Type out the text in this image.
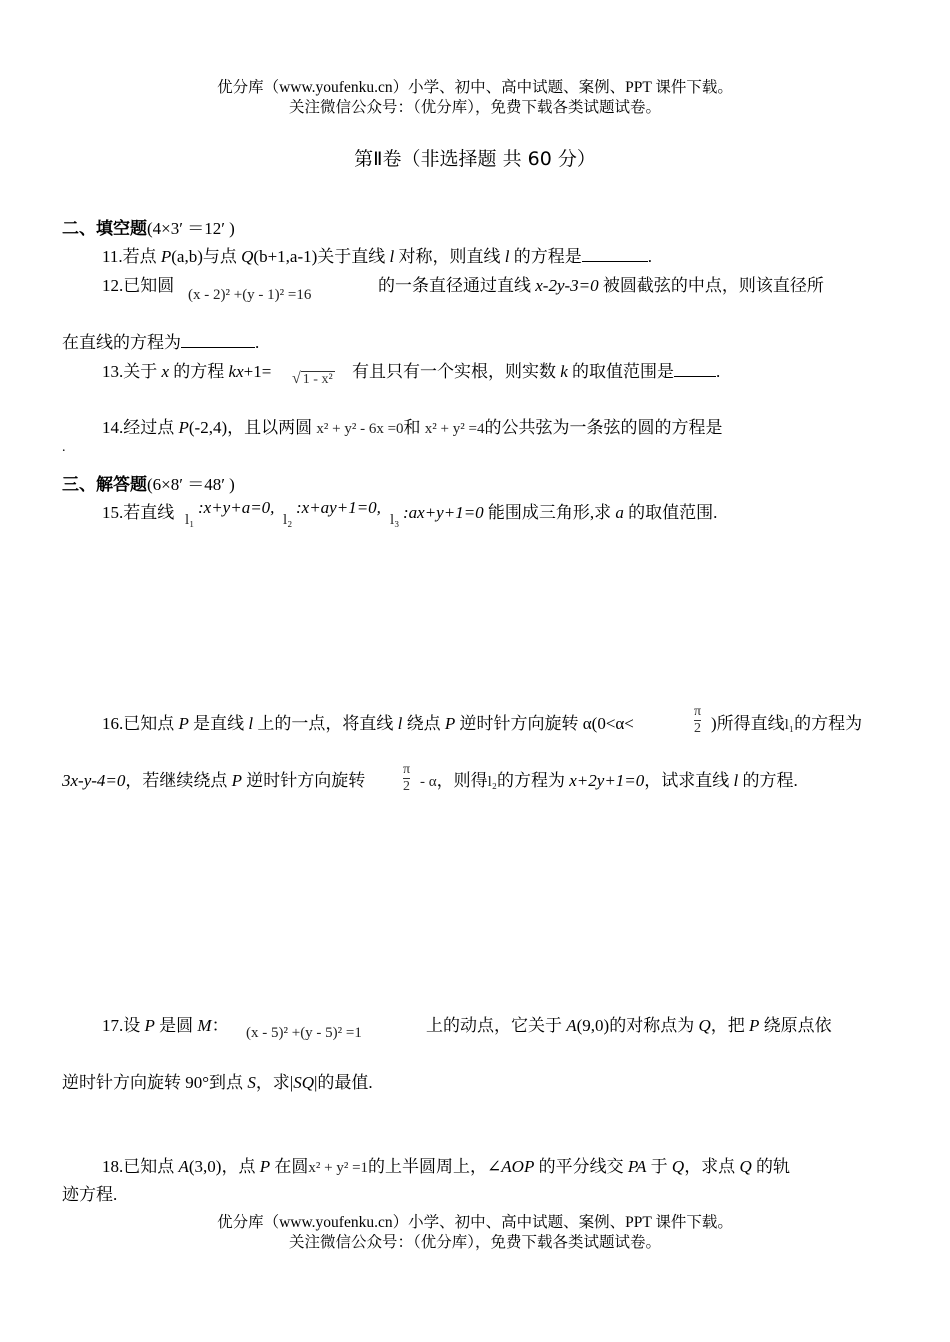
优分库（www.youfenku.cn）小学、初中、高中试题、案例、PPT 课件下载。
关注微信公众号：（优分库），免费下载各类试题试卷。
第Ⅱ卷（非选择题 共 60 分）
二、填空题(4×3′ ＝12′ )
11.若点 P(a,b)与点 Q(b+1,a-1)关于直线 l 对称，则直线 l 的方程是	.
12.已知圆 (x - 2)² +(y - 1)² =16	的一条直径通过直线 x-2y-3=0 被圆截弦的中点，则该直径所
在直线的方程为	.
13.关于 x 的方程 kx+1= √ 1 - x² 有且只有一个实根，则实数 k 的取值范围是 .
14.经过点 P(-2,4)，且以两圆 x² + y² - 6x =0和 x² + y² =4的公共弦为一条弦的圆的方程是
.
三、解答题(6×8′ ＝48′ )
15.若直线 l₁
:x+y+a=0,
l₂
:x+ay+1=0,
l₃ :ax+y+1=0 能围成三角形,求 a 的取值范围.
16.已知点 P 是直线 l 上的一点，将直线 l 绕点 P 逆时针方向旋转 α(0<α<	$\frac{\pi}{2}$ )所得直线l₁的方程为
3x-y-4=0，若继续绕点 P 逆时针方向旋转	$\frac{\pi}{2}$ - α，则得l₂的方程为 x+2y+1=0，试求直线 l 的方程.
17.设 P 是圆 M： (x - 5)² +(y - 5)² =1	上的动点，它关于 A(9,0)的对称点为 Q，把 P 绕原点依
逆时针方向旋转 90°到点 S，求|SQ|的最值.
18.已知点 A(3,0)，点 P 在圆x² + y² =1的上半圆周上，∠AOP 的平分线交 PA 于 Q，求点 Q 的轨
迹方程.
优分库（www.youfenku.cn）小学、初中、高中试题、案例、PPT 课件下载。
关注微信公众号：（优分库），免费下载各类试题试卷。
